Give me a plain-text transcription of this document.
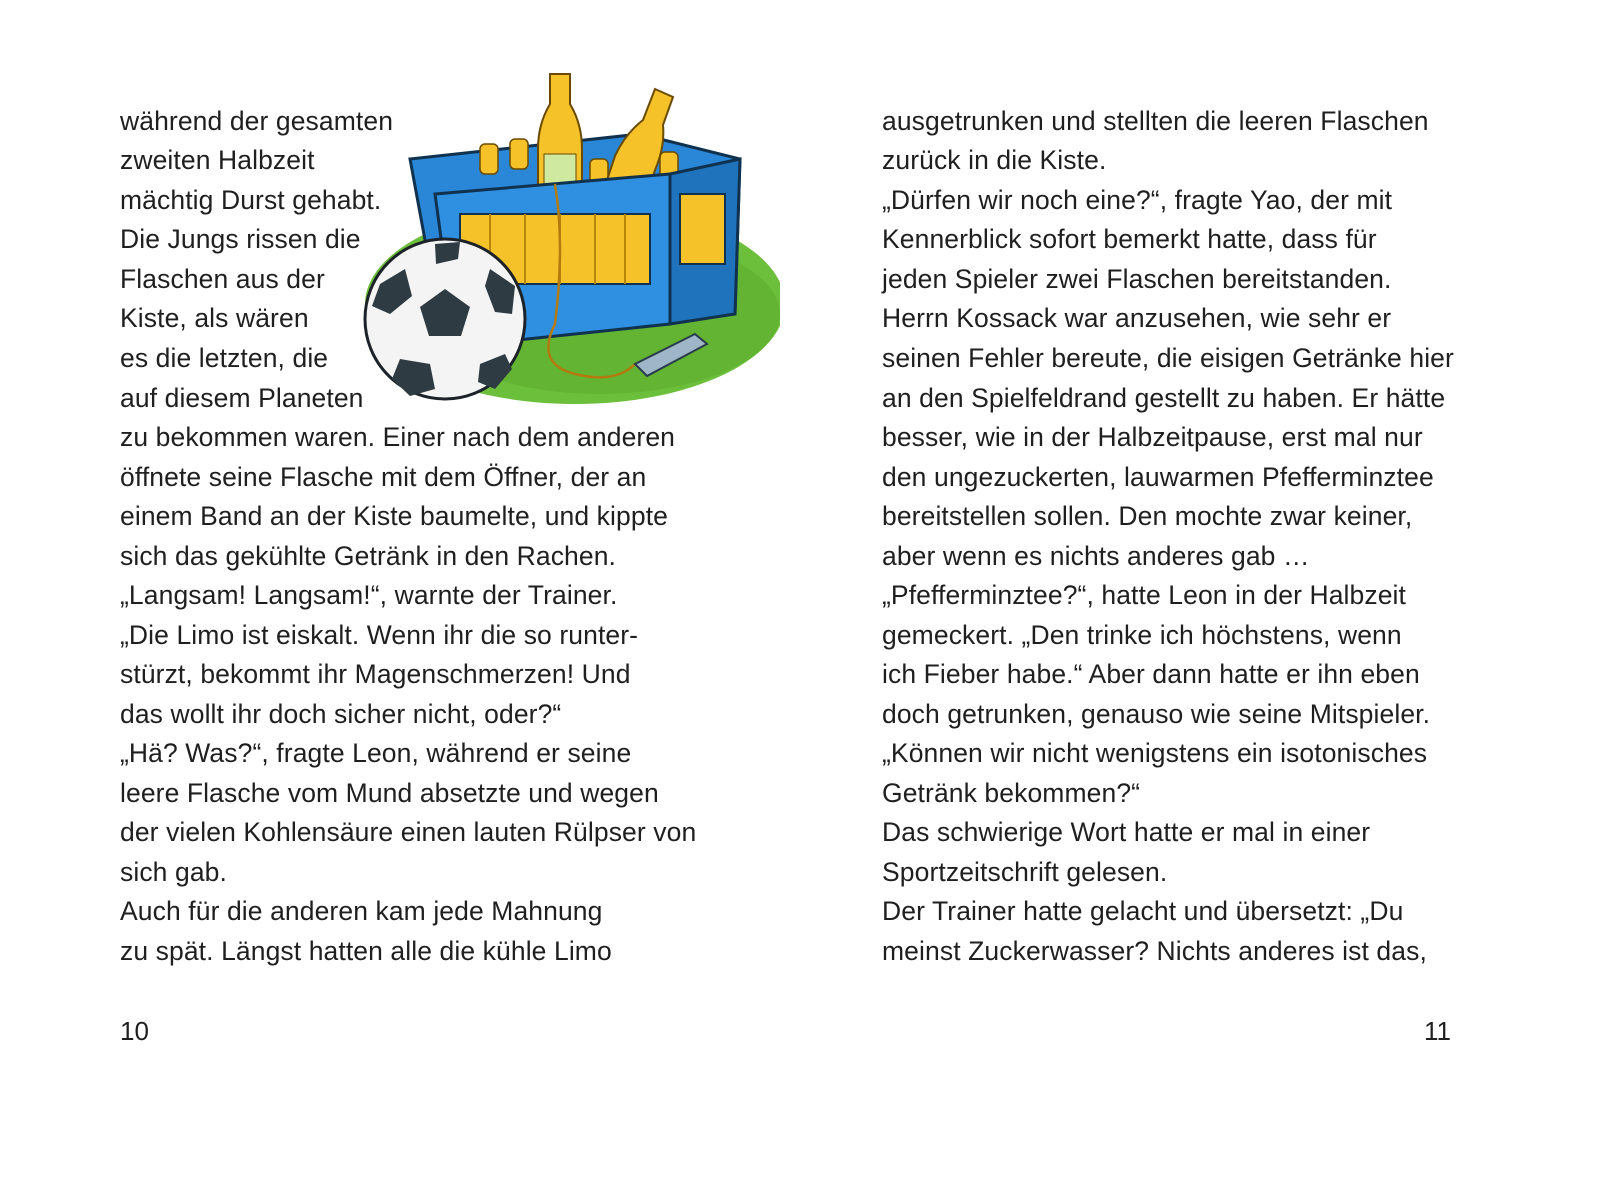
während der gesamten
zweiten Halbzeit
mächtig Durst gehabt.
Die Jungs rissen die
Flaschen aus der
Kiste, als wären
es die letzten, die
auf diesem Planeten
zu bekommen waren. Einer nach dem anderen
öffnete seine Flasche mit dem Öffner, der an
einem Band an der Kiste baumelte, und kippte
sich das gekühlte Getränk in den Rachen.
„Langsam! Langsam!“, warnte der Trainer.
„Die Limo ist eiskalt. Wenn ihr die so runter-
stürzt, bekommt ihr Magenschmerzen! Und
das wollt ihr doch sicher nicht, oder?“
„Hä? Was?“, fragte Leon, während er seine
leere Flasche vom Mund absetzte und wegen
der vielen Kohlensäure einen lauten Rülpser von
sich gab.
Auch für die anderen kam jede Mahnung
zu spät. Längst hatten alle die kühle Limo
10
ausgetrunken und stellten die leeren Flaschen
zurück in die Kiste.
„Dürfen wir noch eine?“, fragte Yao, der mit
Kennerblick sofort bemerkt hatte, dass für
jeden Spieler zwei Flaschen bereitstanden.
Herrn Kossack war anzusehen, wie sehr er
seinen Fehler bereute, die eisigen Getränke hier
an den Spielfeldrand gestellt zu haben. Er hätte
besser, wie in der Halbzeitpause, erst mal nur
den ungezuckerten, lauwarmen Pfefferminztee
bereitstellen sollen. Den mochte zwar keiner,
aber wenn es nichts anderes gab …
„Pfefferminztee?“, hatte Leon in der Halbzeit
gemeckert. „Den trinke ich höchstens, wenn
ich Fieber habe.“ Aber dann hatte er ihn eben
doch getrunken, genauso wie seine Mitspieler.
„Können wir nicht wenigstens ein isotonisches
Getränk bekommen?“
Das schwierige Wort hatte er mal in einer
Sportzeitschrift gelesen.
Der Trainer hatte gelacht und übersetzt: „Du
meinst Zuckerwasser? Nichts anderes ist das,
11
